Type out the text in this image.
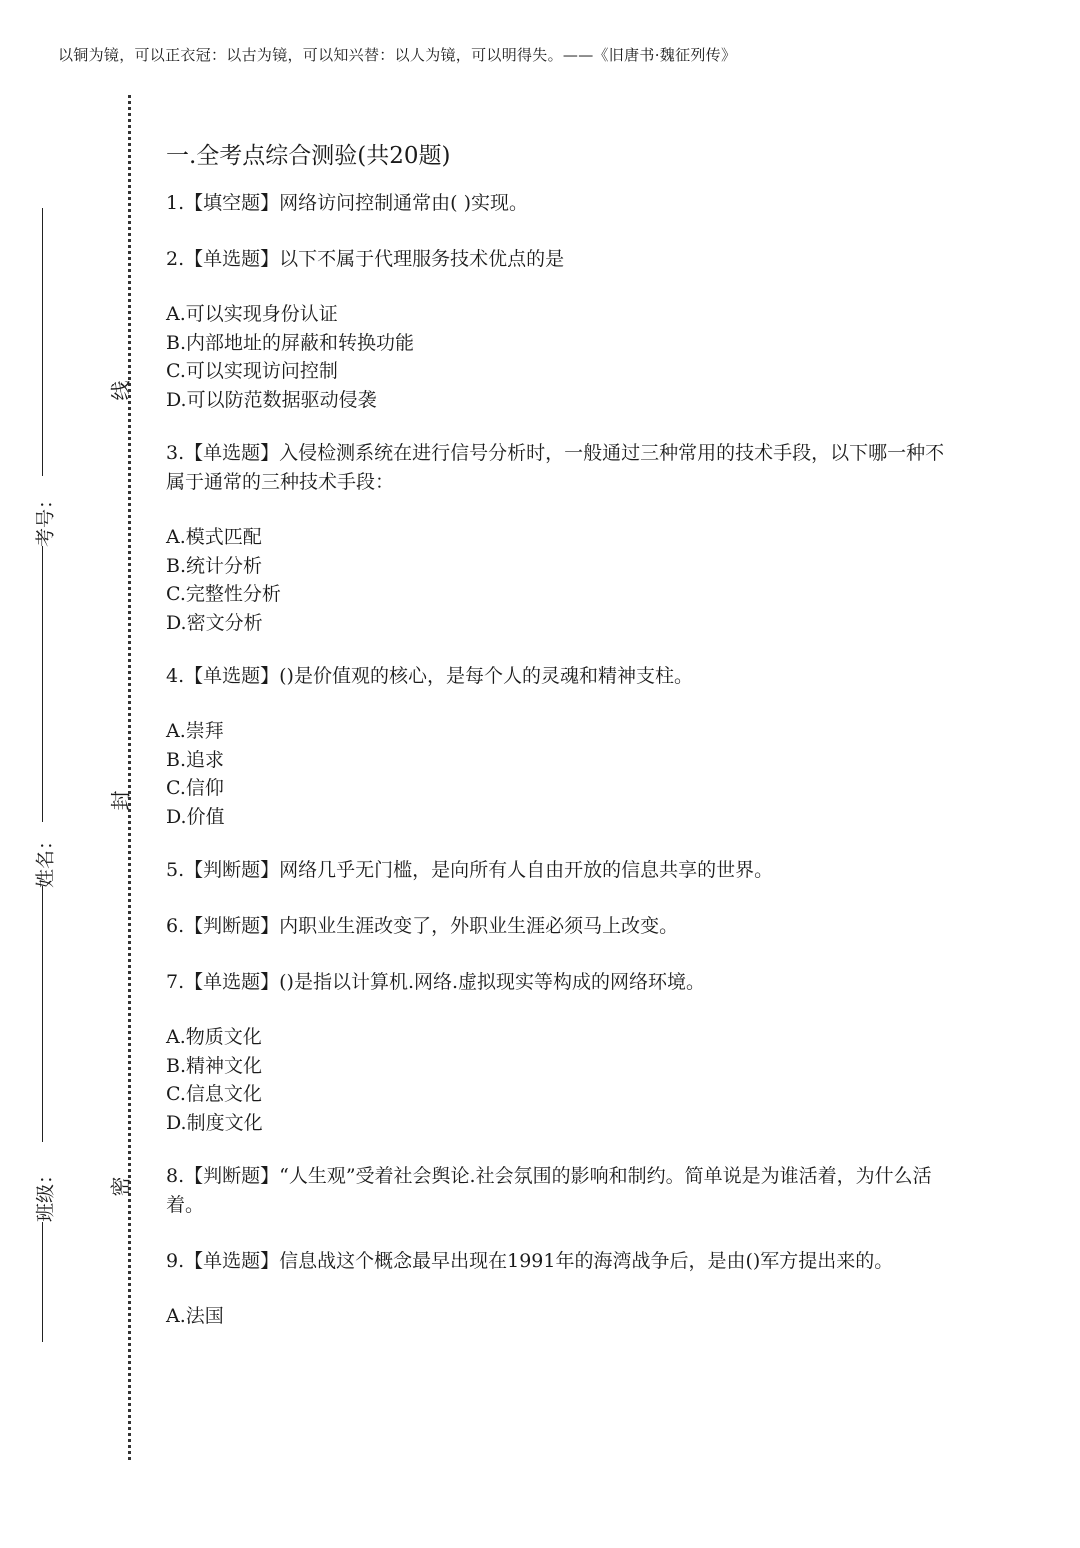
以铜为镜，可以正衣冠：以古为镜，可以知兴替：以人为镜，可以明得失。——《旧唐书·魏征列传》
线
封
密
考号：
姓名：
班级：
一.全考点综合测验(共20题)

1.【填空题】网络访问控制通常由( )实现。

2.【单选题】以下不属于代理服务技术优点的是

A.可以实现身份认证

B.内部地址的屏蔽和转换功能

C.可以实现访问控制

D.可以防范数据驱动侵袭

3.【单选题】入侵检测系统在进行信号分析时，一般通过三种常用的技术手段，以下哪一种不属于通常的三种技术手段：

A.模式匹配

B.统计分析

C.完整性分析

D.密文分析

4.【单选题】()是价值观的核心，是每个人的灵魂和精神支柱。

A.崇拜

B.追求

C.信仰

D.价值

5.【判断题】网络几乎无门槛，是向所有人自由开放的信息共享的世界。

6.【判断题】内职业生涯改变了，外职业生涯必须马上改变。

7.【单选题】()是指以计算机.网络.虚拟现实等构成的网络环境。

A.物质文化

B.精神文化

C.信息文化

D.制度文化

8.【判断题】“人生观”受着社会舆论.社会氛围的影响和制约。简单说是为谁活着，为什么活着。

9.【单选题】信息战这个概念最早出现在1991年的海湾战争后，是由()军方提出来的。

A.法国
